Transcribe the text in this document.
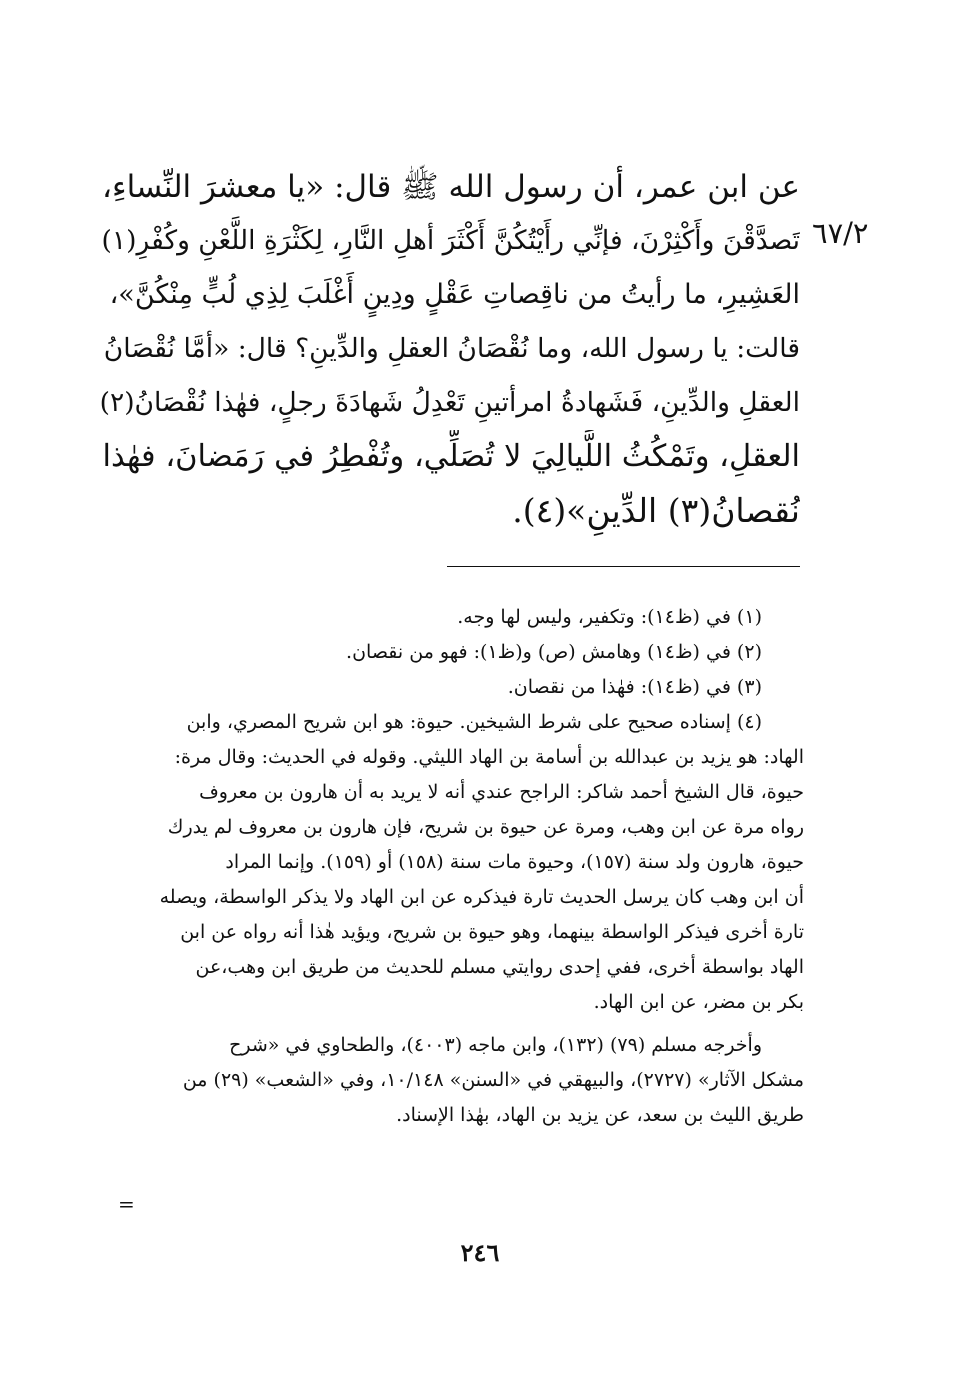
٦٧/٢
عن ابن عمر، أن رسول الله ﷺ قال: «يا معشرَ النِّساءِ،
تَصدَّقْنَ وأَكْثِرْنَ، فإنِّي رأَيْتُكُنَّ أَكْثَرَ أهلِ النَّارِ، لِكَثْرَةِ اللَّعْنِ وكُفْرِ(١)
العَشِيرِ، ما رأيتُ من ناقِصاتِ عَقْلٍ ودِينٍ أَغْلَبَ لِذِي لُبٍّ مِنْكُنَّ»،
قالت: يا رسول الله، وما نُقْصَانُ العقلِ والدِّينِ؟ قال: «أمَّا نُقْصَانُ
العقلِ والدِّينِ، فَشَهادةُ امرأتينِ تَعْدِلُ شَهادَةَ رجلٍ، فهٰذا نُقْصَانُ(٢)
العقلِ، وتَمْكُثُ اللَّيالِيَ لا تُصَلِّي، وتُفْطِرُ في رَمَضانَ، فهٰذا
نُقصانُ(٣) الدِّينِ»(٤).
(١) في (ظ١٤): وتكفير، وليس لها وجه.
(٢) في (ظ١٤) وهامش (ص) و(ظ١): فهو من نقصان.
(٣) في (ظ١٤): فهٰذا من نقصان.
(٤) إسناده صحيح على شرط الشيخين. حيوة: هو ابن شريح المصري، وابن
الهاد: هو يزيد بن عبدالله بن أسامة بن الهاد الليثي. وقوله في الحديث: وقال مرة:
حيوة، قال الشيخ أحمد شاكر: الراجح عندي أنه لا يريد به أن هارون بن معروف
رواه مرة عن ابن وهب، ومرة عن حيوة بن شريح، فإن هارون بن معروف لم يدرك
حيوة، هارون ولد سنة (١٥٧)، وحيوة مات سنة (١٥٨) أو (١٥٩). وإنما المراد
أن ابن وهب كان يرسل الحديث تارة فيذكره عن ابن الهاد ولا يذكر الواسطة، ويصله
تارة أخرى فيذكر الواسطة بينهما، وهو حيوة بن شريح، ويؤيد هٰذا أنه رواه عن ابن
الهاد بواسطة أخرى، ففي إحدى روايتي مسلم للحديث من طريق ابن وهب،عن
بكر بن مضر، عن ابن الهاد.
وأخرجه مسلم (٧٩) (١٣٢)، وابن ماجه (٤٠٠٣)، والطحاوي في «شرح
مشكل الآثار» (٢٧٢٧)، والبيهقي في «السنن» ١٠/١٤٨، وفي «الشعب» (٢٩) من
طريق الليث بن سعد، عن يزيد بن الهاد، بهٰذا الإسناد.
=
٢٤٦
